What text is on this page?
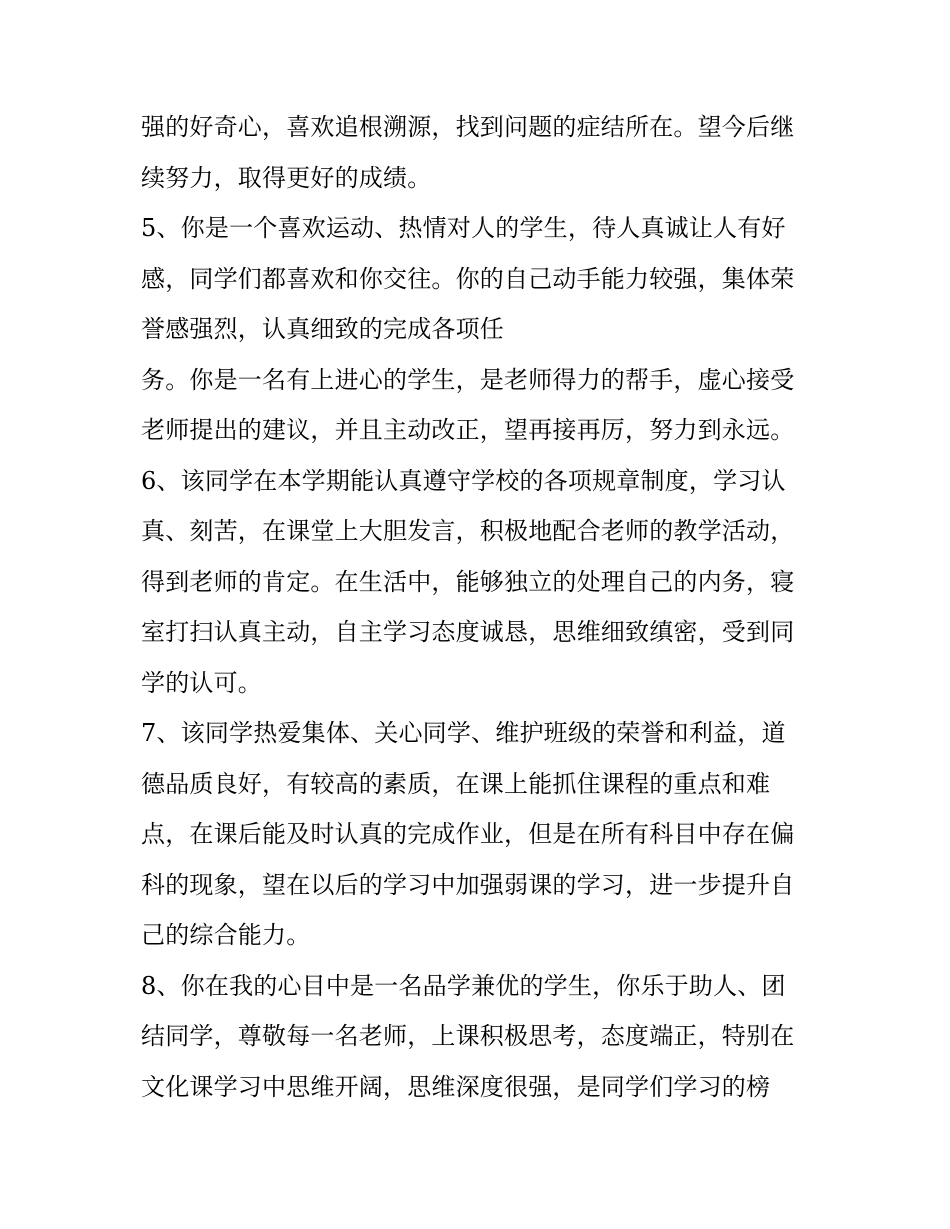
强的好奇心，喜欢追根溯源，找到问题的症结所在。望今后继
续努力，取得更好的成绩。
5、你是一个喜欢运动、热情对人的学生，待人真诚让人有好
感，同学们都喜欢和你交往。你的自己动手能力较强，集体荣
誉感强烈，认真细致的完成各项任
务。你是一名有上进心的学生，是老师得力的帮手，虚心接受
老师提出的建议，并且主动改正，望再接再厉，努力到永远。
6、该同学在本学期能认真遵守学校的各项规章制度，学习认
真、刻苦，在课堂上大胆发言，积极地配合老师的教学活动，
得到老师的肯定。在生活中，能够独立的处理自己的内务，寝
室打扫认真主动，自主学习态度诚恳，思维细致缜密，受到同
学的认可。
7、该同学热爱集体、关心同学、维护班级的荣誉和利益，道
德品质良好，有较高的素质，在课上能抓住课程的重点和难
点，在课后能及时认真的完成作业，但是在所有科目中存在偏
科的现象，望在以后的学习中加强弱课的学习，进一步提升自
己的综合能力。
8、你在我的心目中是一名品学兼优的学生，你乐于助人、团
结同学，尊敬每一名老师，上课积极思考，态度端正，特别在
文化课学习中思维开阔，思维深度很强，是同学们学习的榜
